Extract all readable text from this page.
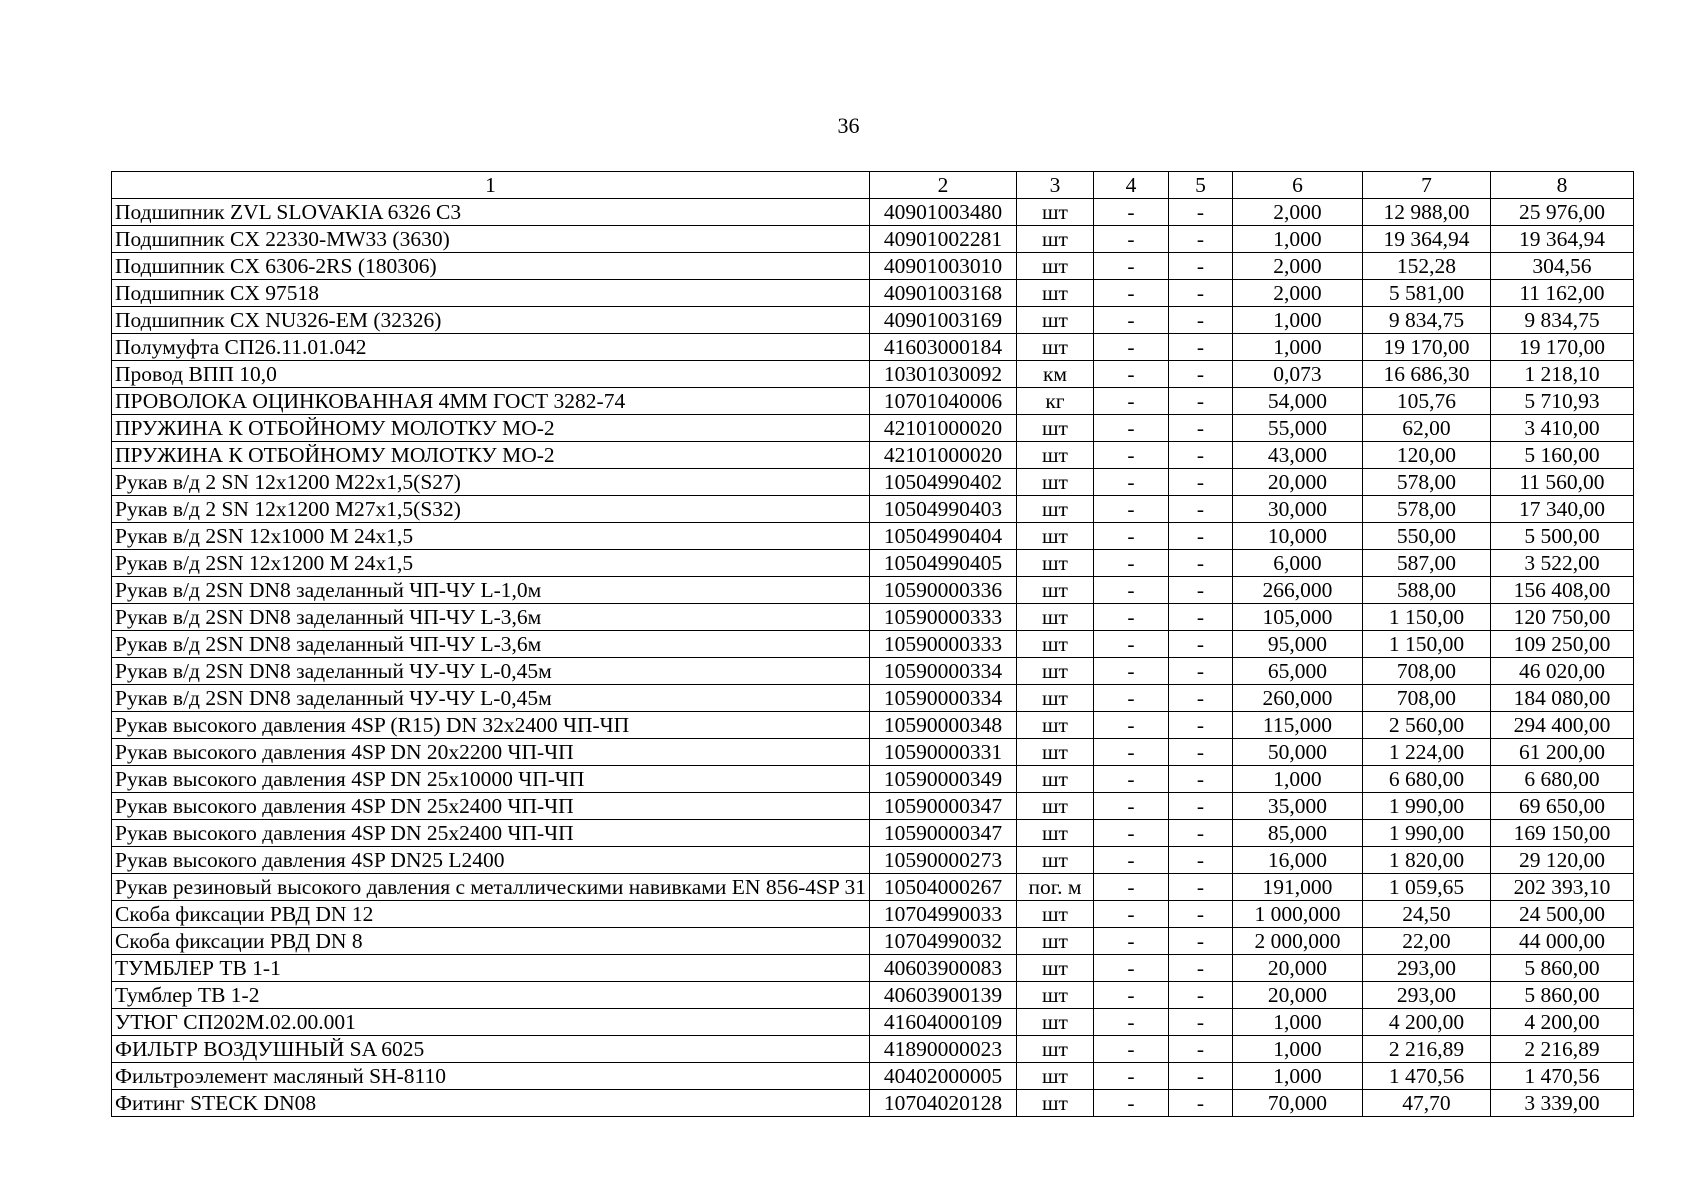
36
1	2	3	4	5	6	7	8
Подшипник ZVL SLOVAKIA 6326 C3	40901003480	шт	-	-	2,000	12 988,00	25 976,00
Подшипник CX 22330-MW33 (3630)	40901002281	шт	-	-	1,000	19 364,94	19 364,94
Подшипник CX 6306-2RS (180306)	40901003010	шт	-	-	2,000	152,28	304,56
Подшипник CX 97518	40901003168	шт	-	-	2,000	5 581,00	11 162,00
Подшипник CX NU326-EM (32326)	40901003169	шт	-	-	1,000	9 834,75	9 834,75
Полумуфта СП26.11.01.042	41603000184	шт	-	-	1,000	19 170,00	19 170,00
Провод ВПП 10,0	10301030092	км	-	-	0,073	16 686,30	1 218,10
ПРОВОЛОКА ОЦИНКОВАННАЯ 4ММ ГОСТ 3282-74	10701040006	кг	-	-	54,000	105,76	5 710,93
ПРУЖИНА К ОТБОЙНОМУ МОЛОТКУ МО-2	42101000020	шт	-	-	55,000	62,00	3 410,00
ПРУЖИНА К ОТБОЙНОМУ МОЛОТКУ МО-2	42101000020	шт	-	-	43,000	120,00	5 160,00
Рукав в/д 2 SN 12x1200 М22x1,5(S27)	10504990402	шт	-	-	20,000	578,00	11 560,00
Рукав в/д 2 SN 12x1200 М27x1,5(S32)	10504990403	шт	-	-	30,000	578,00	17 340,00
Рукав в/д 2SN 12x1000 М 24x1,5	10504990404	шт	-	-	10,000	550,00	5 500,00
Рукав в/д 2SN 12x1200 М 24x1,5	10504990405	шт	-	-	6,000	587,00	3 522,00
Рукав в/д 2SN DN8 заделанный ЧП-ЧУ L-1,0м	10590000336	шт	-	-	266,000	588,00	156 408,00
Рукав в/д 2SN DN8 заделанный ЧП-ЧУ L-3,6м	10590000333	шт	-	-	105,000	1 150,00	120 750,00
Рукав в/д 2SN DN8 заделанный ЧП-ЧУ L-3,6м	10590000333	шт	-	-	95,000	1 150,00	109 250,00
Рукав в/д 2SN DN8 заделанный ЧУ-ЧУ L-0,45м	10590000334	шт	-	-	65,000	708,00	46 020,00
Рукав в/д 2SN DN8 заделанный ЧУ-ЧУ L-0,45м	10590000334	шт	-	-	260,000	708,00	184 080,00
Рукав высокого давления 4SP (R15) DN 32x2400 ЧП-ЧП	10590000348	шт	-	-	115,000	2 560,00	294 400,00
Рукав высокого давления 4SP DN 20x2200 ЧП-ЧП	10590000331	шт	-	-	50,000	1 224,00	61 200,00
Рукав высокого давления 4SP DN 25x10000 ЧП-ЧП	10590000349	шт	-	-	1,000	6 680,00	6 680,00
Рукав высокого давления 4SP DN 25x2400 ЧП-ЧП	10590000347	шт	-	-	35,000	1 990,00	69 650,00
Рукав высокого давления 4SP DN 25x2400 ЧП-ЧП	10590000347	шт	-	-	85,000	1 990,00	169 150,00
Рукав высокого давления 4SP DN25 L2400	10590000273	шт	-	-	16,000	1 820,00	29 120,00
Рукав резиновый высокого давления с металлическими навивками EN 856-4SP 31	10504000267	пог. м	-	-	191,000	1 059,65	202 393,10
Скоба фиксации РВД DN 12	10704990033	шт	-	-	1 000,000	24,50	24 500,00
Скоба фиксации РВД DN 8	10704990032	шт	-	-	2 000,000	22,00	44 000,00
ТУМБЛЕР ТВ 1-1	40603900083	шт	-	-	20,000	293,00	5 860,00
Тумблер ТВ 1-2	40603900139	шт	-	-	20,000	293,00	5 860,00
УТЮГ СП202М.02.00.001	41604000109	шт	-	-	1,000	4 200,00	4 200,00
ФИЛЬТР ВОЗДУШНЫЙ SA 6025	41890000023	шт	-	-	1,000	2 216,89	2 216,89
Фильтроэлемент масляный SH-8110	40402000005	шт	-	-	1,000	1 470,56	1 470,56
Фитинг STECK DN08	10704020128	шт	-	-	70,000	47,70	3 339,00
